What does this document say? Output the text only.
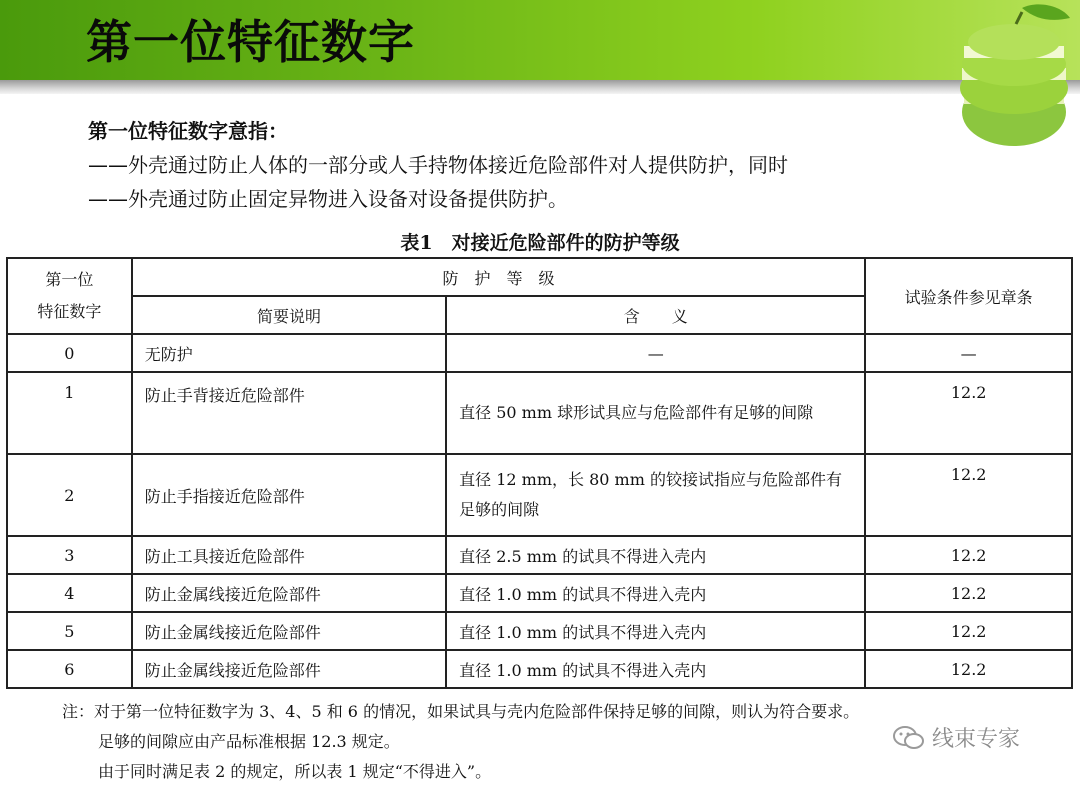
第一位特征数字
第一位特征数字意指：
——外壳通过防止人体的一部分或人手持物体接近危险部件对人提供防护，同时
——外壳通过防止固定异物进入设备对设备提供防护。
表1　对接近危险部件的防护等级
第一位
特征数字	防　护　等　级		试验条件参见章条
	简要说明	含　　义	
0	无防护	—	—
1	防止手背接近危险部件	直径 50 mm 球形试具应与危险部件有足够的间隙	12.2
2	防止手指接近危险部件	直径 12 mm，长 80 mm 的铰接试指应与危险部件有足够的间隙	12.2
3	防止工具接近危险部件	直径 2.5 mm 的试具不得进入壳内	12.2
4	防止金属线接近危险部件	直径 1.0 mm 的试具不得进入壳内	12.2
5	防止金属线接近危险部件	直径 1.0 mm 的试具不得进入壳内	12.2
6	防止金属线接近危险部件	直径 1.0 mm 的试具不得进入壳内	12.2
注：对于第一位特征数字为 3、4、5 和 6 的情况，如果试具与壳内危险部件保持足够的间隙，则认为符合要求。
足够的间隙应由产品标准根据 12.3 规定。
由于同时满足表 2 的规定，所以表 1 规定“不得进入”。
线束专家
